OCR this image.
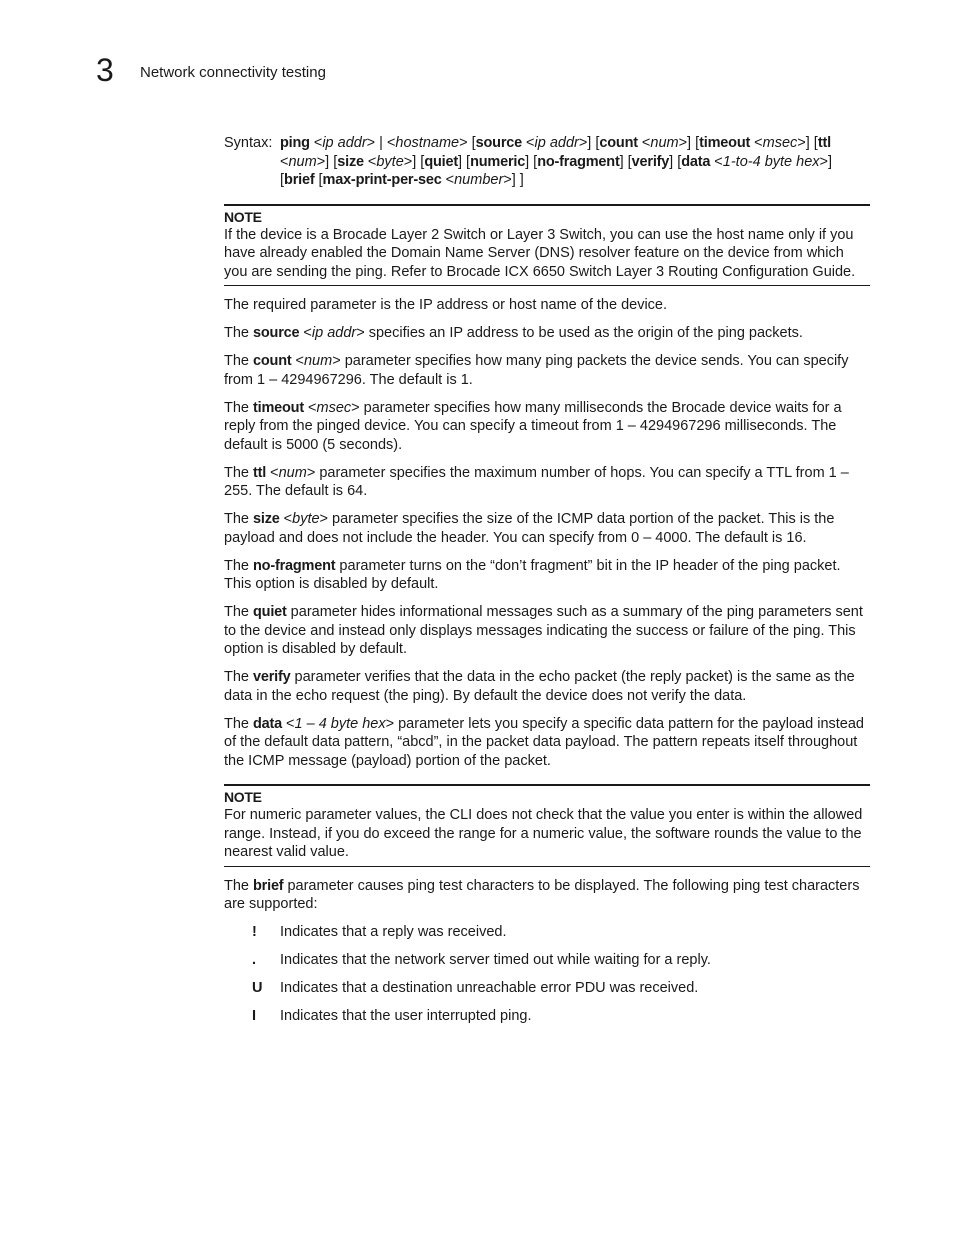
3 Network connectivity testing
Syntax: ping <ip addr> | <hostname> [source <ip addr>] [count <num>] [timeout <msec>] [ttl <num>] [size <byte>] [quiet] [numeric] [no-fragment] [verify] [data <1-to-4 byte hex>] [brief [max-print-per-sec <number>] ]
NOTE
If the device is a Brocade Layer 2 Switch or Layer 3 Switch, you can use the host name only if you have already enabled the Domain Name Server (DNS) resolver feature on the device from which you are sending the ping. Refer to Brocade ICX 6650 Switch Layer 3 Routing Configuration Guide.

The required parameter is the IP address or host name of the device.

The source <ip addr> specifies an IP address to be used as the origin of the ping packets.

The count <num> parameter specifies how many ping packets the device sends. You can specify from 1 – 4294967296. The default is 1.

The timeout <msec> parameter specifies how many milliseconds the Brocade device waits for a reply from the pinged device. You can specify a timeout from 1 – 4294967296 milliseconds. The default is 5000 (5 seconds).

The ttl <num> parameter specifies the maximum number of hops. You can specify a TTL from 1 – 255. The default is 64.

The size <byte> parameter specifies the size of the ICMP data portion of the packet. This is the payload and does not include the header. You can specify from 0 – 4000. The default is 16.

The no-fragment parameter turns on the “don’t fragment” bit in the IP header of the ping packet. This option is disabled by default.

The quiet parameter hides informational messages such as a summary of the ping parameters sent to the device and instead only displays messages indicating the success or failure of the ping. This option is disabled by default.

The verify parameter verifies that the data in the echo packet (the reply packet) is the same as the data in the echo request (the ping). By default the device does not verify the data.

The data <1 – 4 byte hex> parameter lets you specify a specific data pattern for the payload instead of the default data pattern, “abcd”, in the packet data payload. The pattern repeats itself throughout the ICMP message (payload) portion of the packet.

NOTE
For numeric parameter values, the CLI does not check that the value you enter is within the allowed range. Instead, if you do exceed the range for a numeric value, the software rounds the value to the nearest valid value.

The brief parameter causes ping test characters to be displayed. The following ping test characters are supported:

! Indicates that a reply was received.
. Indicates that the network server timed out while waiting for a reply.
U Indicates that a destination unreachable error PDU was received.
I Indicates that the user interrupted ping.
